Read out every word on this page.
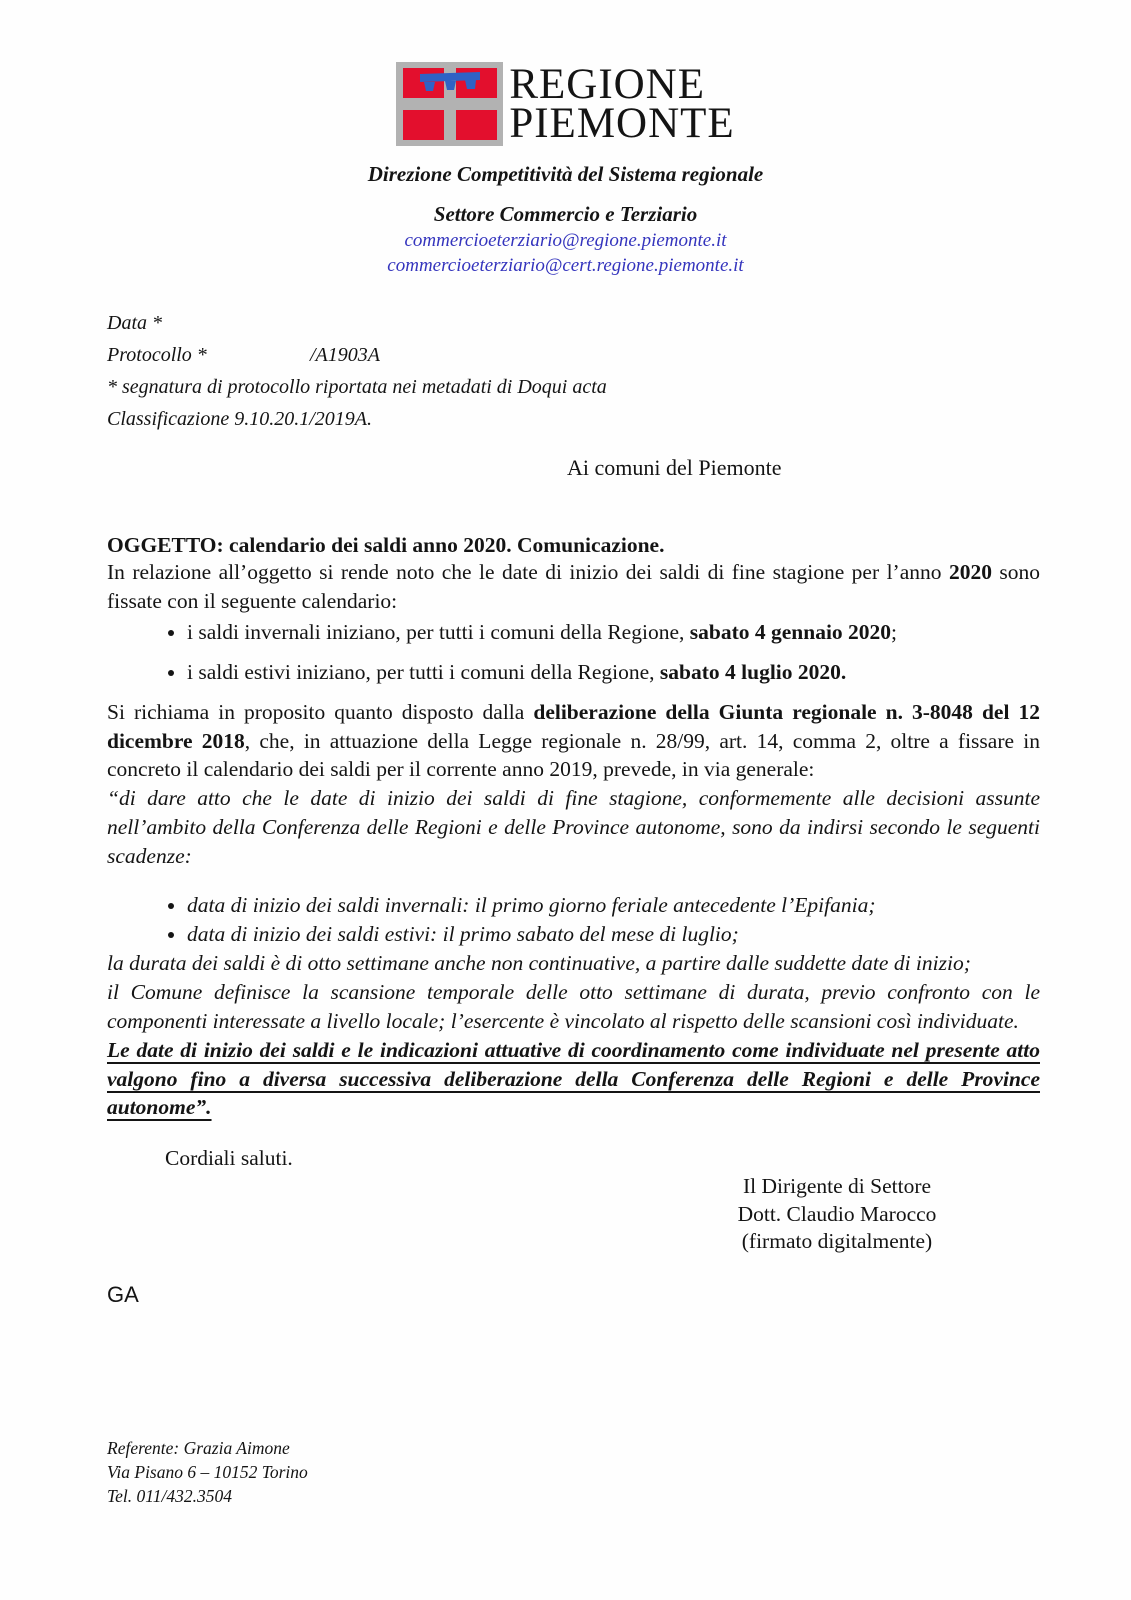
REGIONE
PIEMONTE
Direzione Competitività del Sistema regionale
Settore Commercio e Terziario
commercioeterziario@regione.piemonte.it
commercioeterziario@cert.regione.piemonte.it

Data *

Protocollo *	/A1903A

* segnatura di protocollo riportata nei metadati di Doqui acta

Classificazione 9.10.20.1/2019A.

Ai comuni del Piemonte
OGGETTO: calendario dei saldi anno 2020. Comunicazione.

In relazione all’oggetto si rende noto che le date di inizio dei saldi di fine stagione per l’anno 2020 sono fissate con il seguente calendario:

• i saldi invernali iniziano, per tutti i comuni della Regione, sabato 4 gennaio 2020;
• i saldi estivi iniziano, per tutti i comuni della Regione, sabato 4 luglio 2020.

Si richiama in proposito quanto disposto dalla deliberazione della Giunta regionale n. 3-8048 del 12 dicembre 2018, che, in attuazione della Legge regionale n. 28/99, art. 14, comma 2, oltre a fissare in concreto il calendario dei saldi per il corrente anno 2019, prevede, in via generale:

“di dare atto che le date di inizio dei saldi di fine stagione, conformemente alle decisioni assunte nell’ambito della Conferenza delle Regioni e delle Province autonome, sono da indirsi secondo le seguenti scadenze:

• data di inizio dei saldi invernali: il primo giorno feriale antecedente l’Epifania;
• data di inizio dei saldi estivi: il primo sabato del mese di luglio;

la durata dei saldi è di otto settimane anche non continuative, a partire dalle suddette date di inizio;

il Comune definisce la scansione temporale delle otto settimane di durata, previo confronto con le componenti interessate a livello locale; l’esercente è vincolato al rispetto delle scansioni così individuate.

Le date di inizio dei saldi e le indicazioni attuative di coordinamento come individuate nel presente atto valgono fino a diversa successiva deliberazione della Conferenza delle Regioni e delle Province autonome”.

Cordiali saluti.
Il Dirigente di Settore
Dott. Claudio Marocco
(firmato digitalmente)
GA
Referente: Grazia Aimone
Via Pisano 6 – 10152 Torino
Tel. 011/432.3504
